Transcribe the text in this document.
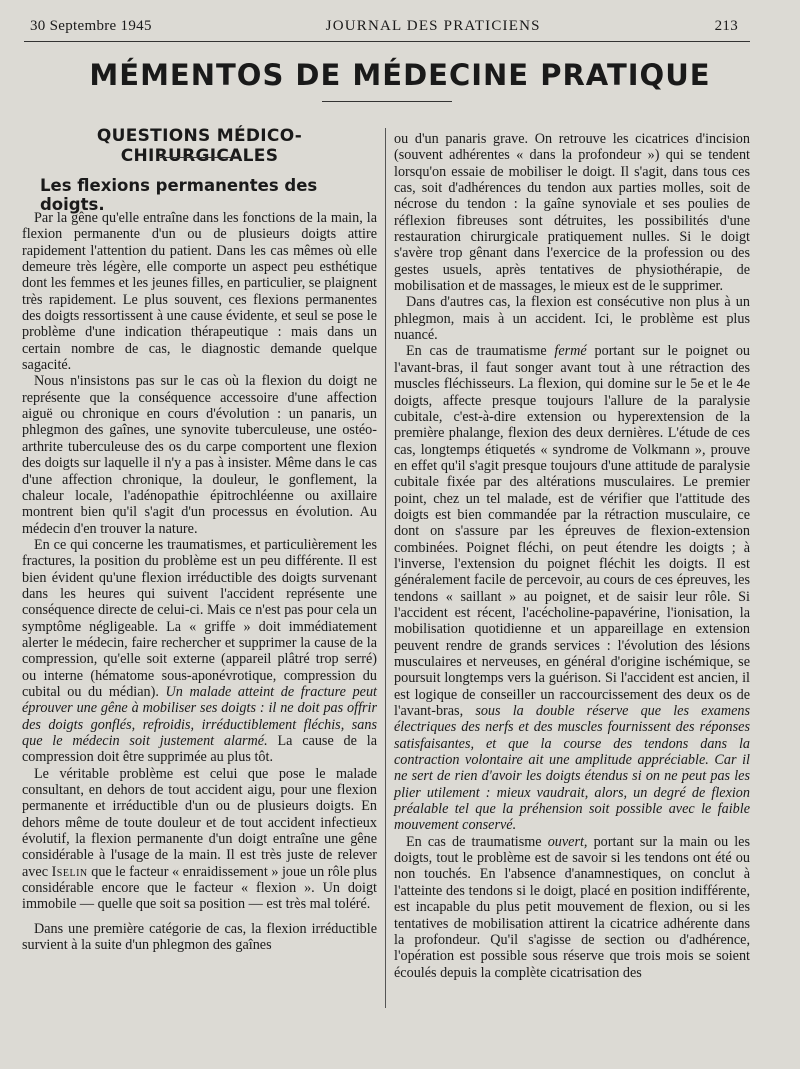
30 Septembre 1945	JOURNAL DES PRATICIENS	213
MÉMENTOS DE MÉDECINE PRATIQUE
QUESTIONS MÉDICO-CHIRURGICALES
Les flexions permanentes des doigts.

Par la gêne qu'elle entraîne dans les fonctions de la main, la flexion permanente d'un ou de plusieurs doigts attire rapidement l'attention du patient. Dans les cas mêmes où elle demeure très légère, elle comporte un aspect peu esthétique dont les femmes et les jeunes filles, en particulier, se plaignent très rapidement. Le plus souvent, ces flexions permanentes des doigts ressortissent à une cause évidente, et seul se pose le problème d'une indication thérapeutique : mais dans un certain nombre de cas, le diagnostic demande quelque sagacité.

Nous n'insistons pas sur le cas où la flexion du doigt ne représente que la conséquence accessoire d'une affection aiguë ou chronique en cours d'évolution : un panaris, un phlegmon des gaînes, une synovite tuberculeuse, une ostéo-arthrite tuberculeuse des os du carpe comportent une flexion des doigts sur laquelle il n'y a pas à insister. Même dans le cas d'une affection chronique, la douleur, le gonflement, la chaleur locale, l'adénopathie épitrochléenne ou axillaire montrent bien qu'il s'agit d'un processus en évolution. Au médecin d'en trouver la nature.

En ce qui concerne les traumatismes, et particulièrement les fractures, la position du problème est un peu différente. Il est bien évident qu'une flexion irréductible des doigts survenant dans les heures qui suivent l'accident représente une conséquence directe de celui-ci. Mais ce n'est pas pour cela un symptôme négligeable. La « griffe » doit immédiatement alerter le médecin, faire rechercher et supprimer la cause de la compression, qu'elle soit externe (appareil plâtré trop serré) ou interne (hématome sous-aponévrotique, compression du cubital ou du médian). Un malade atteint de fracture peut éprouver une gêne à mobiliser ses doigts : il ne doit pas offrir des doigts gonflés, refroidis, irréductiblement fléchis, sans que le médecin soit justement alarmé. La cause de la compression doit être supprimée au plus tôt.

Le véritable problème est celui que pose le malade consultant, en dehors de tout accident aigu, pour une flexion permanente et irréductible d'un ou de plusieurs doigts. En dehors même de toute douleur et de tout accident infectieux évolutif, la flexion permanente d'un doigt entraîne une gêne considérable à l'usage de la main. Il est très juste de relever avec Iselin que le facteur « enraidissement » joue un rôle plus considérable encore que le facteur « flexion ». Un doigt immobile — quelle que soit sa position — est très mal toléré.

Dans une première catégorie de cas, la flexion irréductible survient à la suite d'un phlegmon des gaînes

ou d'un panaris grave. On retrouve les cicatrices d'incision (souvent adhérentes « dans la profondeur ») qui se tendent lorsqu'on essaie de mobiliser le doigt. Il s'agit, dans tous ces cas, soit d'adhérences du tendon aux parties molles, soit de nécrose du tendon : la gaîne synoviale et ses poulies de réflexion fibreuses sont détruites, les possibilités d'une restauration chirurgicale pratiquement nulles. Si le doigt s'avère trop gênant dans l'exercice de la profession ou des gestes usuels, après tentatives de physiothérapie, de mobilisation et de massages, le mieux est de le supprimer.

Dans d'autres cas, la flexion est consécutive non plus à un phlegmon, mais à un accident. Ici, le problème est plus nuancé.

En cas de traumatisme fermé portant sur le poignet ou l'avant-bras, il faut songer avant tout à une rétraction des muscles fléchisseurs. La flexion, qui domine sur le 5e et le 4e doigts, affecte presque toujours l'allure de la paralysie cubitale, c'est-à-dire extension ou hyperextension de la première phalange, flexion des deux dernières. L'étude de ces cas, longtemps étiquetés « syndrome de Volkmann », prouve en effet qu'il s'agit presque toujours d'une attitude de paralysie cubitale fixée par des altérations musculaires. Le premier point, chez un tel malade, est de vérifier que l'attitude des doigts est bien commandée par la rétraction musculaire, ce dont on s'assure par les épreuves de flexion-extension combinées. Poignet fléchi, on peut étendre les doigts ; à l'inverse, l'extension du poignet fléchit les doigts. Il est généralement facile de percevoir, au cours de ces épreuves, les tendons « saillant » au poignet, et de saisir leur rôle. Si l'accident est récent, l'acécholine-papavérine, l'ionisation, la mobilisation quotidienne et un appareillage en extension peuvent rendre de grands services : l'évolution des lésions musculaires et nerveuses, en général d'origine ischémique, se poursuit longtemps vers la guérison. Si l'accident est ancien, il est logique de conseiller un raccourcissement des deux os de l'avant-bras, sous la double réserve que les examens électriques des nerfs et des muscles fournissent des réponses satisfaisantes, et que la course des tendons dans la contraction volontaire ait une amplitude appréciable. Car il ne sert de rien d'avoir les doigts étendus si on ne peut pas les plier utilement : mieux vaudrait, alors, un degré de flexion préalable tel que la préhension soit possible avec le faible mouvement conservé.

En cas de traumatisme ouvert, portant sur la main ou les doigts, tout le problème est de savoir si les tendons ont été ou non touchés. En l'absence d'anamnestiques, on conclut à l'atteinte des tendons si le doigt, placé en position indifférente, est incapable du plus petit mouvement de flexion, ou si les tentatives de mobilisation attirent la cicatrice adhérente dans la profondeur. Qu'il s'agisse de section ou d'adhérence, l'opération est possible sous réserve que trois mois se soient écoulés depuis la complète cicatrisation des
